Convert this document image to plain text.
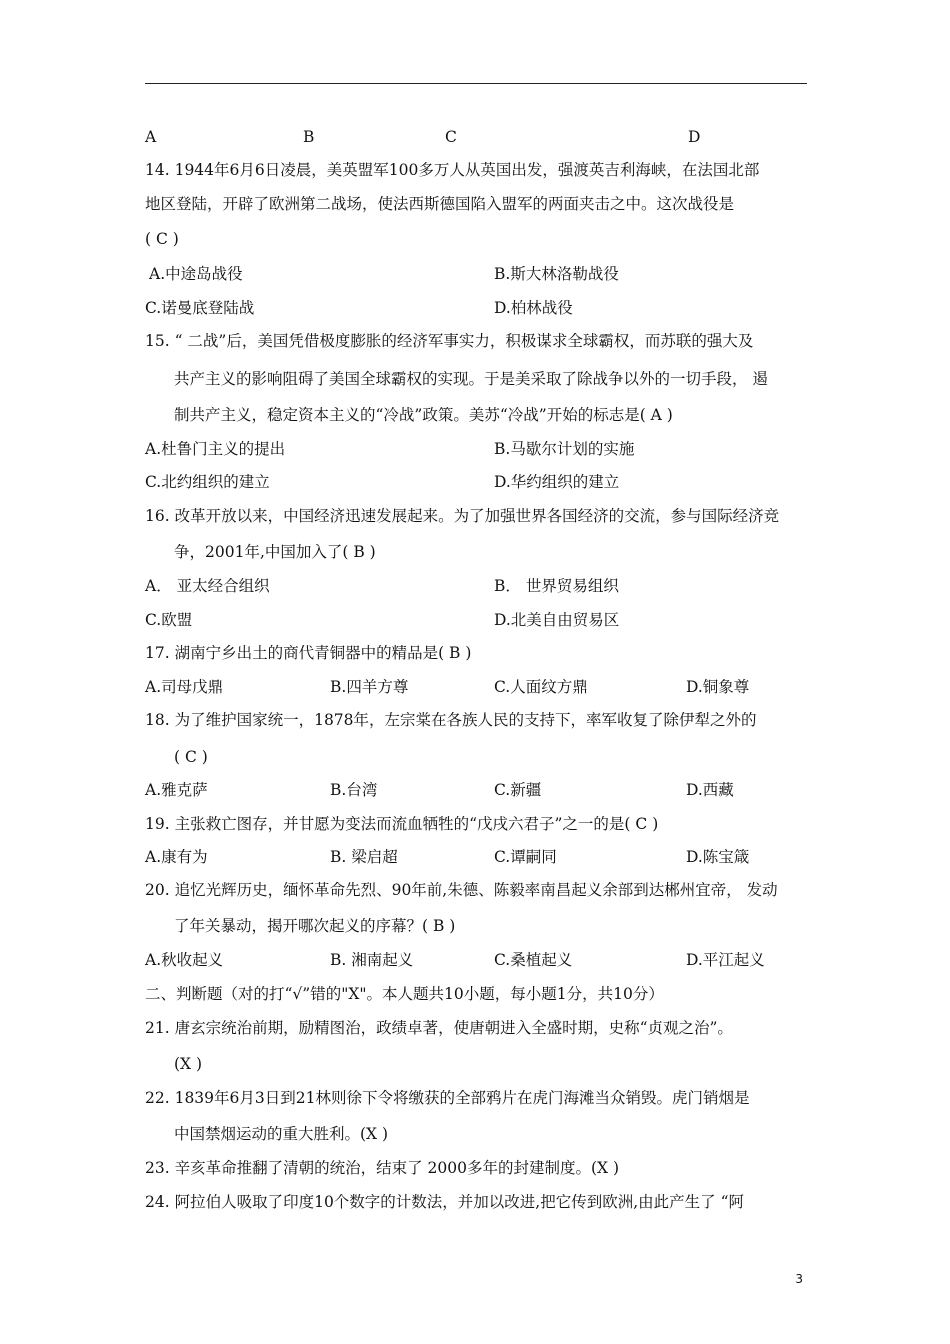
A	B	C	D
14. 1944年6月6日凌晨，美英盟军100多万人从英国出发，强渡英吉利海峡，在法国北部
地区登陆，开辟了欧洲第二战场，使法西斯德国陷入盟军的两面夹击之中。这次战役是
( C )
A.中途岛战役	B.斯大林洛勒战役
C.诺曼底登陆战	D.柏林战役
15. “ 二战”后，美国凭借极度膨胀的经济军事实力，积极谋求全球霸权，而苏联的强大及
共产主义的影响阻碍了美国全球霸权的实现。于是美采取了除战争以外的一切手段， 遏
制共产主义，稳定资本主义的“冷战”政策。美苏“冷战”开始的标志是( A )
A.杜鲁门主义的提出	B.马歇尔计划的实施
C.北约组织的建立	D.华约组织的建立
16. 改革开放以来，中国经济迅速发展起来。为了加强世界各国经济的交流，参与国际经济竞
争，2001年,中国加入了( B )
A． 亚太经合组织	B． 世界贸易组织
C.欧盟	D.北美自由贸易区
17. 湖南宁乡出土的商代青铜器中的精品是( B )
A.司母戊鼎	B.四羊方尊	C.人面纹方鼎	D.铜象尊
18. 为了维护国家统一，1878年，左宗棠在各族人民的支持下，率军收复了除伊犁之外的
( C )
A.雅克萨	B.台湾	C.新疆	D.西藏
19. 主张救亡图存，并甘愿为变法而流血牺牲的“戊戌六君子”之一的是( C )
A.康有为	B. 梁启超	C.谭嗣同	D.陈宝箴
20. 追忆光辉历史，缅怀革命先烈、90年前,朱德、陈毅率南昌起义余部到达郴州宜帝， 发动
了年关暴动，揭开哪次起义的序幕？( B )
A.秋收起义	B. 湘南起义	C.桑植起义	D.平江起义
二、判断题（对的打“√”错的"X"。本人题共10小题，每小题1分，共10分）
21. 唐玄宗统治前期，励精图治，政绩卓著，使唐朝进入全盛时期，史称“贞观之治”。
(X )
22. 1839年6月3日到21林则徐下令将缴获的全部鸦片在虎门海滩当众销毁。虎门销烟是
中国禁烟运动的重大胜利。(X )
23. 辛亥革命推翻了清朝的统治，结束了 2000多年的封建制度。(X )
24. 阿拉伯人吸取了印度10个数字的计数法，并加以改进,把它传到欧洲,由此产生了 “阿
3
